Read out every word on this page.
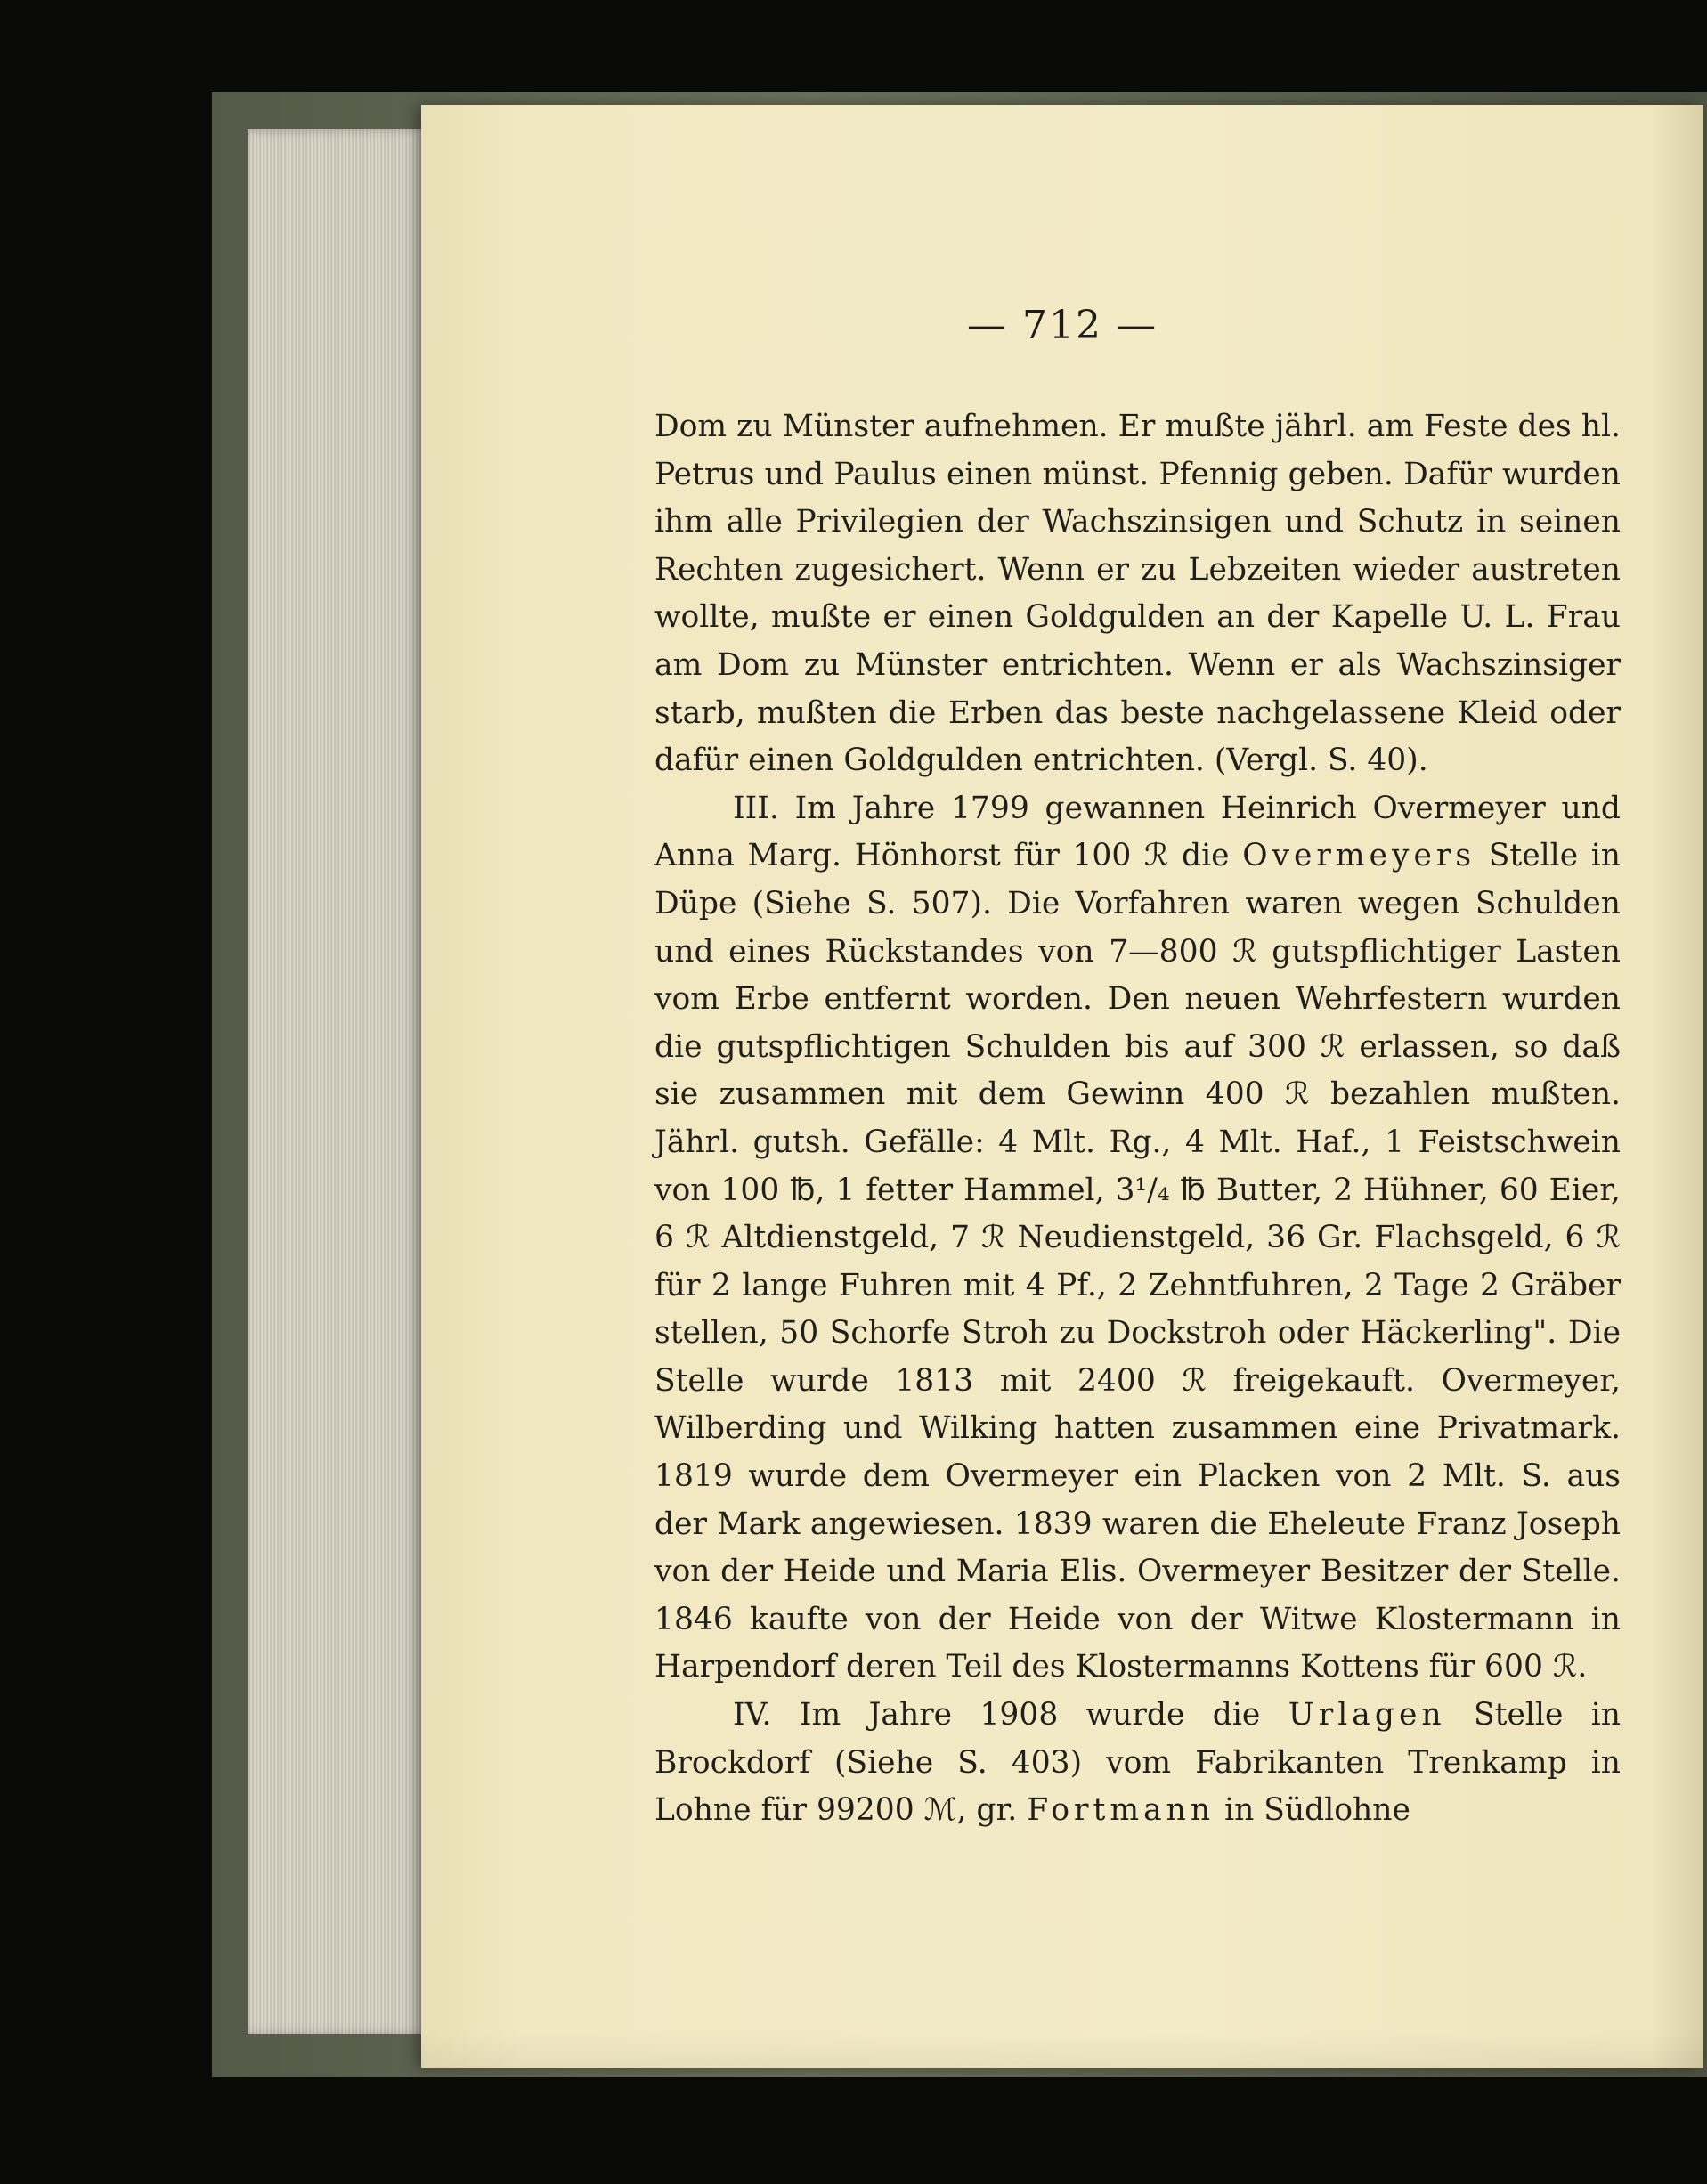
— 712 —

Dom zu Münster aufnehmen. Er mußte jährl. am Feste des hl. Petrus und Paulus einen münst. Pfennig geben. Dafür wurden ihm alle Privilegien der Wachszinsigen und Schutz in seinen Rechten zugesichert. Wenn er zu Lebzeiten wieder austreten wollte, mußte er einen Goldgulden an der Kapelle U. L. Frau am Dom zu Münster entrichten. Wenn er als Wachszinsiger starb, mußten die Erben das beste nachgelassene Kleid oder dafür einen Goldgulden entrichten. (Vergl. S. 40).

III. Im Jahre 1799 gewannen Heinrich Overmeyer und Anna Marg. Hönhorst für 100 ℛ die Overmeyers Stelle in Düpe (Siehe S. 507). Die Vorfahren waren wegen Schulden und eines Rückstandes von 7—800 ℛ gutspflichtiger Lasten vom Erbe entfernt worden. Den neuen Wehrfestern wurden die gutspflichtigen Schulden bis auf 300 ℛ erlassen, so daß sie zusammen mit dem Gewinn 400 ℛ bezahlen mußten. Jährl. gutsh. Gefälle: 4 Mlt. Rg., 4 Mlt. Haf., 1 Feistschwein von 100 ℔, 1 fetter Hammel, 3¹/₄ ℔ Butter, 2 Hühner, 60 Eier, 6 ℛ Altdienstgeld, 7 ℛ Neudienstgeld, 36 Gr. Flachsgeld, 6 ℛ für 2 lange Fuhren mit 4 Pf., 2 Zehntfuhren, 2 Tage 2 Gräber stellen, 50 Schorfe Stroh zu Dockstroh oder Häckerling". Die Stelle wurde 1813 mit 2400 ℛ freigekauft. Overmeyer, Wilberding und Wilking hatten zusammen eine Privatmark. 1819 wurde dem Overmeyer ein Placken von 2 Mlt. S. aus der Mark angewiesen. 1839 waren die Eheleute Franz Joseph von der Heide und Maria Elis. Overmeyer Besitzer der Stelle. 1846 kaufte von der Heide von der Witwe Klostermann in Harpendorf deren Teil des Klostermanns Kottens für 600 ℛ.

IV. Im Jahre 1908 wurde die Urlagen Stelle in Brockdorf (Siehe S. 403) vom Fabrikanten Trenkamp in Lohne für 99200 ℳ, gr. Fortmann in Südlohne
